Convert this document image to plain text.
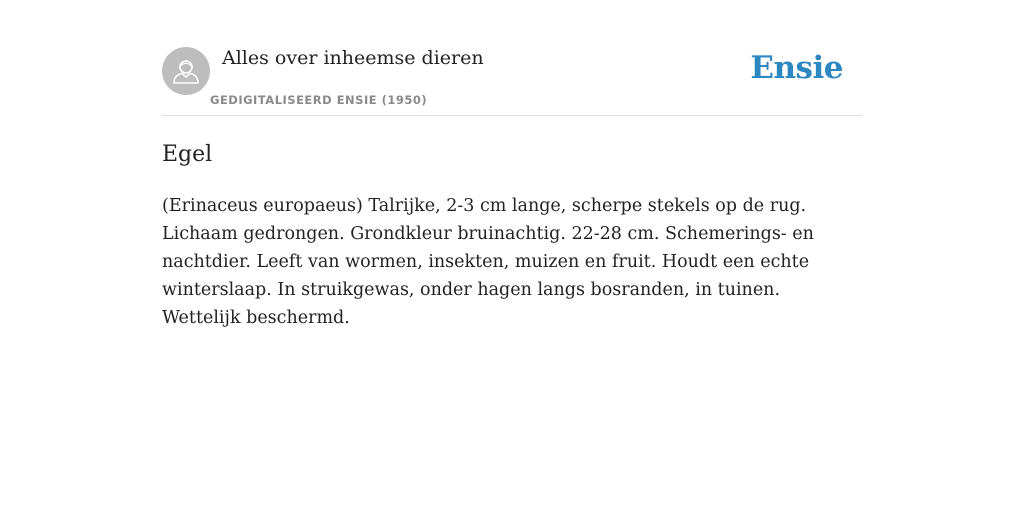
Alles over inheemse dieren
GEDIGITALISEERD ENSIE (1950)
Ensie
Egel

(Erinaceus europaeus) Talrijke, 2-3 cm lange, scherpe stekels op de rug. Lichaam gedrongen. Grondkleur bruinachtig. 22-28 cm. Schemerings- en nachtdier. Leeft van wormen, insekten, muizen en fruit. Houdt een echte winterslaap. In struikgewas, onder hagen langs bosranden, in tuinen. Wettelijk beschermd.
